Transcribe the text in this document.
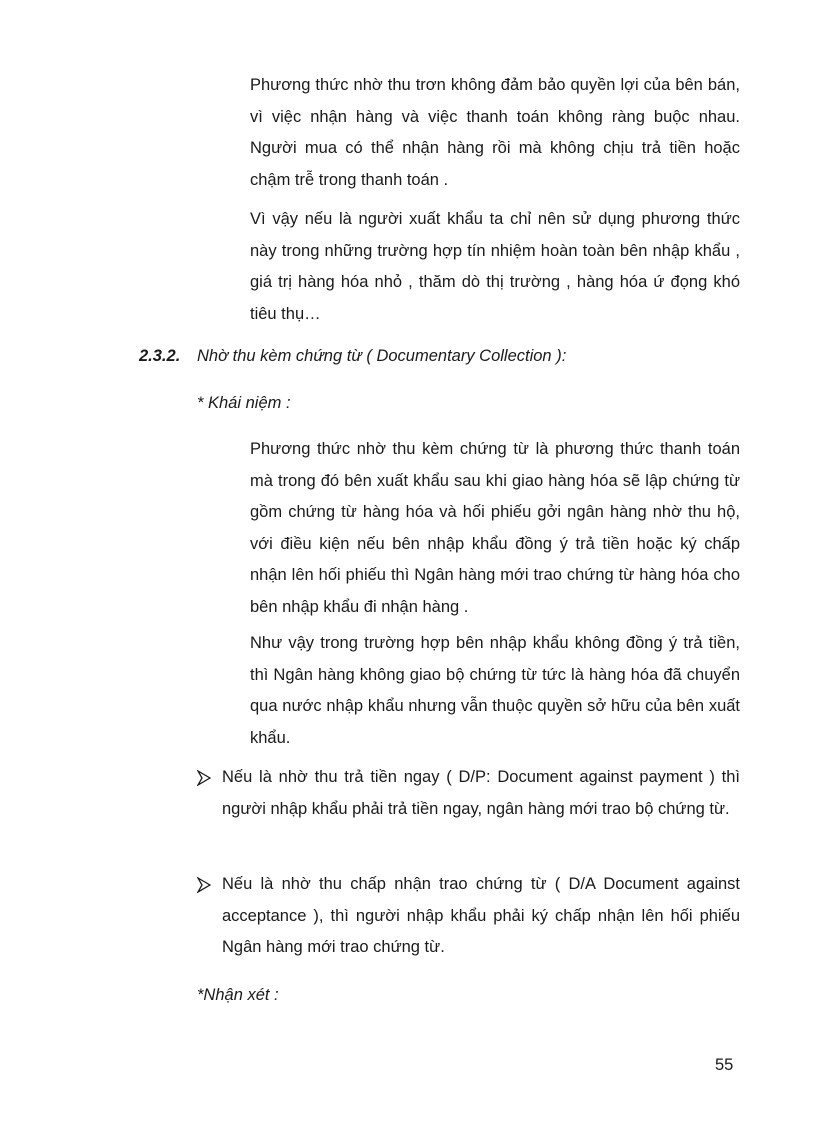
Phương thức nhờ thu trơn không đảm bảo quyền lợi của bên bán, vì việc nhận hàng và việc thanh toán không ràng buộc nhau. Người mua có thể nhận hàng rồi mà không chịu trả tiền hoặc chậm trễ trong thanh toán .

Vì vậy nếu là người xuất khẩu ta chỉ nên sử dụng phương thức này trong những trường hợp tín nhiệm hoàn toàn bên nhập khẩu , giá trị hàng hóa nhỏ , thăm dò thị trường , hàng hóa ứ đọng khó tiêu thụ…

2.3.2. Nhờ thu kèm chứng từ ( Documentary Collection ):
* Khái niệm :

Phương thức nhờ thu kèm chứng từ là phương thức thanh toán mà trong đó bên xuất khẩu sau khi giao hàng hóa sẽ lập chứng từ gồm chứng từ hàng hóa và hối phiếu gởi ngân hàng nhờ thu hộ, với điều kiện nếu bên nhập khẩu đồng ý trả tiền hoặc ký chấp nhận lên hối phiếu thì Ngân hàng mới trao chứng từ hàng hóa cho bên nhập khẩu đi nhận hàng .

Như vậy trong trường hợp bên nhập khẩu không đồng ý trả tiền, thì Ngân hàng không giao bộ chứng từ tức là hàng hóa đã chuyển qua nước nhập khẩu nhưng vẫn thuộc quyền sở hữu của bên xuất khẩu.

Nếu là nhờ thu trả tiền ngay ( D/P: Document against payment ) thì người nhập khẩu phải trả tiền ngay, ngân hàng mới trao bộ chứng từ.

Nếu là nhờ thu chấp nhận trao chứng từ ( D/A Document against acceptance ), thì người nhập khẩu phải ký chấp nhận lên hối phiếu Ngân hàng mới trao chứng từ.

*Nhận xét :
55
